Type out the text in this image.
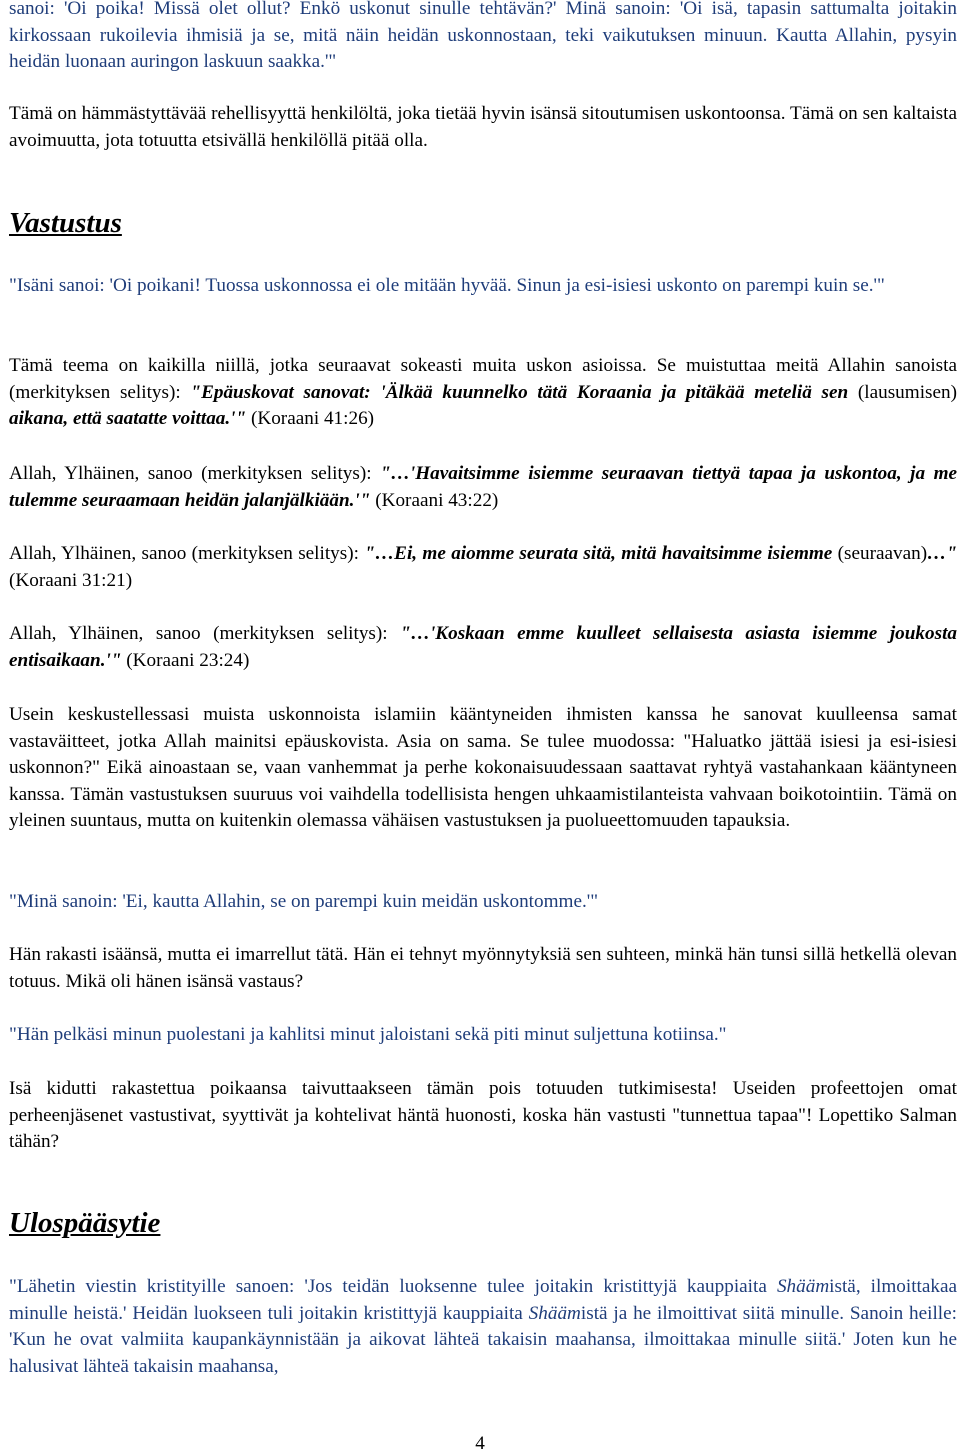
sanoi: 'Oi poika! Missä olet ollut? Enkö uskonut sinulle tehtävän?' Minä sanoin: 'Oi isä, tapasin sattumalta joitakin kirkossaan rukoilevia ihmisiä ja se, mitä näin heidän uskonnostaan, teki vaikutuksen minuun. Kautta Allahin, pysyin heidän luonaan auringon laskuun saakka.'"

Tämä on hämmästyttävää rehellisyyttä henkilöltä, joka tietää hyvin isänsä sitoutumisen uskontoonsa. Tämä on sen kaltaista avoimuutta, jota totuutta etsivällä henkilöllä pitää olla.

Vastustus

"Isäni sanoi: 'Oi poikani! Tuossa uskonnossa ei ole mitään hyvää. Sinun ja esi-isiesi uskonto on parempi kuin se.'"

Tämä teema on kaikilla niillä, jotka seuraavat sokeasti muita uskon asioissa. Se muistuttaa meitä Allahin sanoista (merkityksen selitys): "Epäuskovat sanovat: 'Älkää kuunnelko tätä Koraania ja pitäkää meteliä sen (lausumisen) aikana, että saatatte voittaa.'" (Koraani 41:26)

Allah, Ylhäinen, sanoo (merkityksen selitys): "…'Havaitsimme isiemme seuraavan tiettyä tapaa ja uskontoa, ja me tulemme seuraamaan heidän jalanjälkiään.'" (Koraani 43:22)

Allah, Ylhäinen, sanoo (merkityksen selitys): "…Ei, me aiomme seurata sitä, mitä havaitsimme isiemme (seuraavan)…" (Koraani 31:21)

Allah, Ylhäinen, sanoo (merkityksen selitys): "…'Koskaan emme kuulleet sellaisesta asiasta isiemme joukosta entisaikaan.'" (Koraani 23:24)

Usein keskustellessasi muista uskonnoista islamiin kääntyneiden ihmisten kanssa he sanovat kuulleensa samat vastaväitteet, jotka Allah mainitsi epäuskovista. Asia on sama. Se tulee muodossa: "Haluatko jättää isiesi ja esi-isiesi uskonnon?" Eikä ainoastaan se, vaan vanhemmat ja perhe kokonaisuudessaan saattavat ryhtyä vastahankaan kääntyneen kanssa. Tämän vastustuksen suuruus voi vaihdella todellisista hengen uhkaamistilanteista vahvaan boikotointiin. Tämä on yleinen suuntaus, mutta on kuitenkin olemassa vähäisen vastustuksen ja puolueettomuuden tapauksia.

"Minä sanoin: 'Ei, kautta Allahin, se on parempi kuin meidän uskontomme.'"

Hän rakasti isäänsä, mutta ei imarrellut tätä. Hän ei tehnyt myönnytyksiä sen suhteen, minkä hän tunsi sillä hetkellä olevan totuus. Mikä oli hänen isänsä vastaus?

"Hän pelkäsi minun puolestani ja kahlitsi minut jaloistani sekä piti minut suljettuna kotiinsa."

Isä kidutti rakastettua poikaansa taivuttaakseen tämän pois totuuden tutkimisesta! Useiden profeettojen omat perheenjäsenet vastustivat, syyttivät ja kohtelivat häntä huonosti, koska hän vastusti "tunnettua tapaa"! Lopettiko Salman tähän?

Ulospääsytie

"Lähetin viestin kristityille sanoen: 'Jos teidän luoksenne tulee joitakin kristittyjä kauppiaita Shäämistä, ilmoittakaa minulle heistä.' Heidän luokseen tuli joitakin kristittyjä kauppiaita Shäämistä ja he ilmoittivat siitä minulle. Sanoin heille: 'Kun he ovat valmiita kaupankäynnistään ja aikovat lähteä takaisin maahansa, ilmoittakaa minulle siitä.' Joten kun he halusivat lähteä takaisin maahansa,

4
